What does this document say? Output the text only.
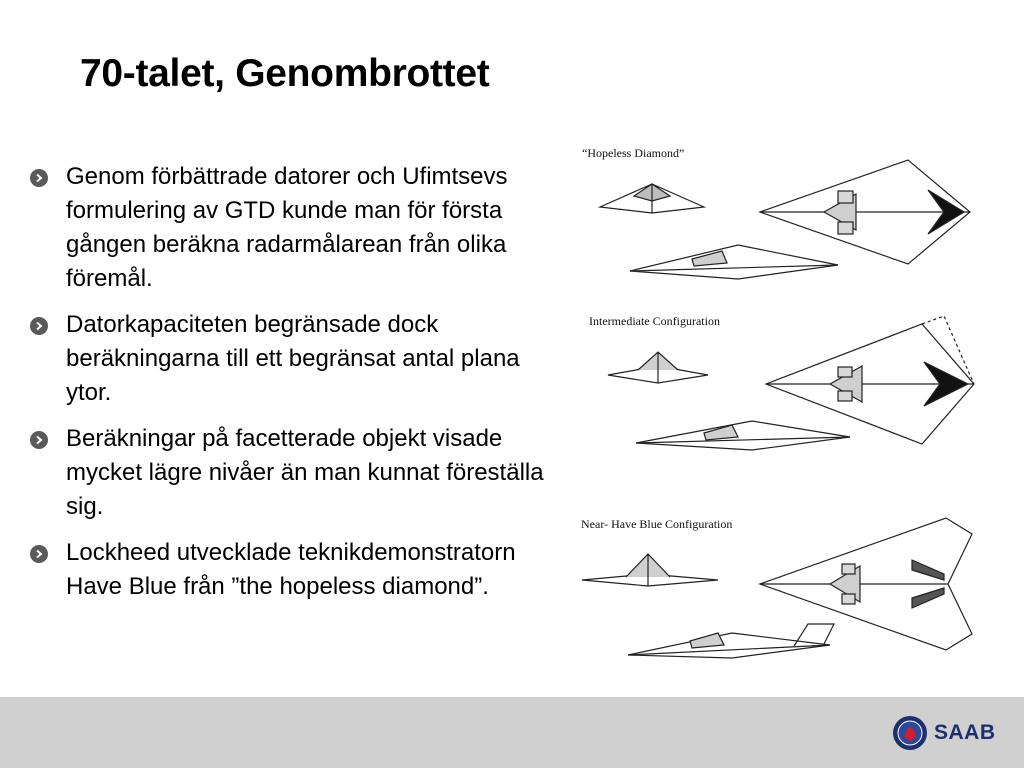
70-talet, Genombrottet
Genom förbättrade datorer och Ufimtsevs formulering av GTD kunde man för första gången beräkna radarmålarean från olika föremål.
Datorkapaciteten begränsade dock beräkningarna till ett begränsat antal plana ytor.
Beräkningar på facetterade objekt visade mycket lägre nivåer än man kunnat föreställa sig.
Lockheed utvecklade teknikdemonstratorn Have Blue från ”the hopeless diamond”.
“Hopeless Diamond”
Intermediate Configuration
Near- Have Blue Configuration
SAAB
